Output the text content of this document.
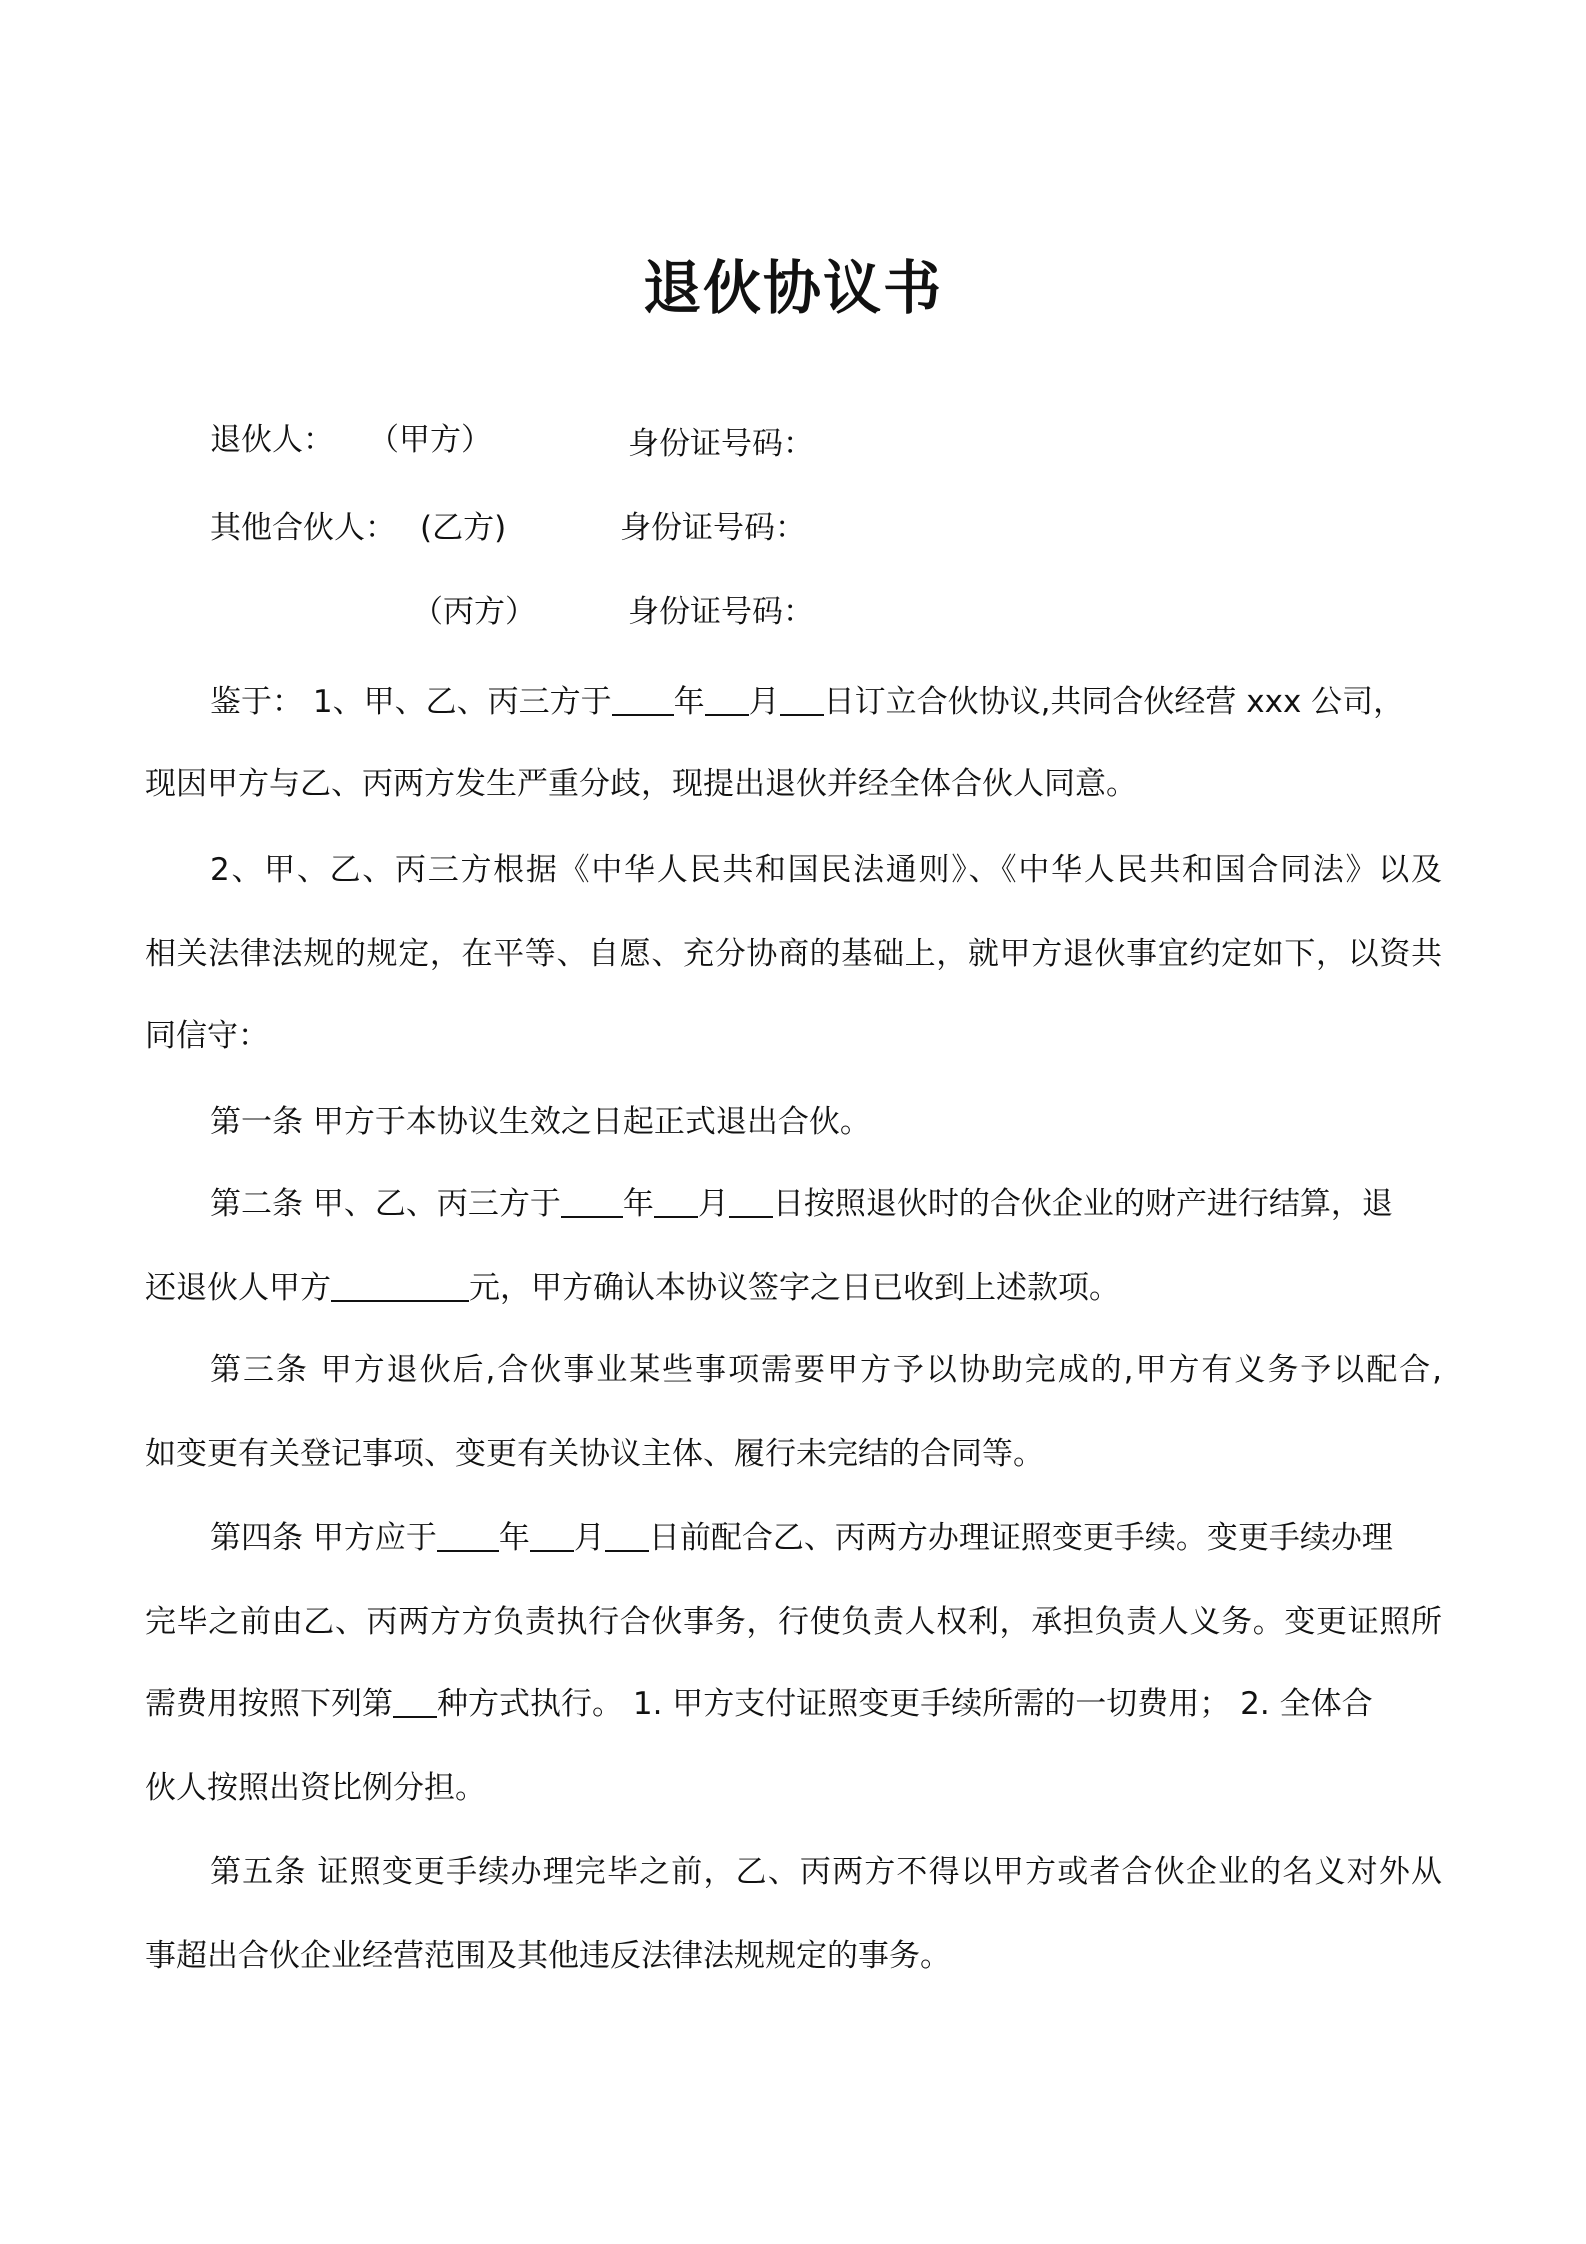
退伙协议书
退伙人： （甲方）	身份证号码：
其他合伙人： (乙方)	身份证号码：
（丙方）	身份证号码：
鉴于： 1、甲、乙、丙三方于 年 月 日订立合伙协议,共同合伙经营 xxx 公司，
现因甲方与乙、丙两方发生严重分歧，现提出退伙并经全体合伙人同意。
2、甲、乙、丙三方根据《中华人民共和国民法通则》、《中华人民共和国合同法》以及
相关法律法规的规定，在平等、自愿、充分协商的基础上，就甲方退伙事宜约定如下，以资共
同信守：
第一条 甲方于本协议生效之日起正式退出合伙。
第二条 甲、乙、丙三方于 年 月 日按照退伙时的合伙企业的财产进行结算，退
还退伙人甲方	元，甲方确认本协议签字之日已收到上述款项。
第三条 甲方退伙后,合伙事业某些事项需要甲方予以协助完成的,甲方有义务予以配合,
如变更有关登记事项、变更有关协议主体、履行未完结的合同等。
第四条 甲方应于 年 月 日前配合乙、丙两方办理证照变更手续。变更手续办理
完毕之前由乙、丙两方方负责执行合伙事务，行使负责人权利，承担负责人义务。变更证照所
需费用按照下列第 种方式执行。 1. 甲方支付证照变更手续所需的一切费用； 2. 全体合
伙人按照出资比例分担。
第五条 证照变更手续办理完毕之前，乙、丙两方不得以甲方或者合伙企业的名义对外从
事超出合伙企业经营范围及其他违反法律法规规定的事务。
